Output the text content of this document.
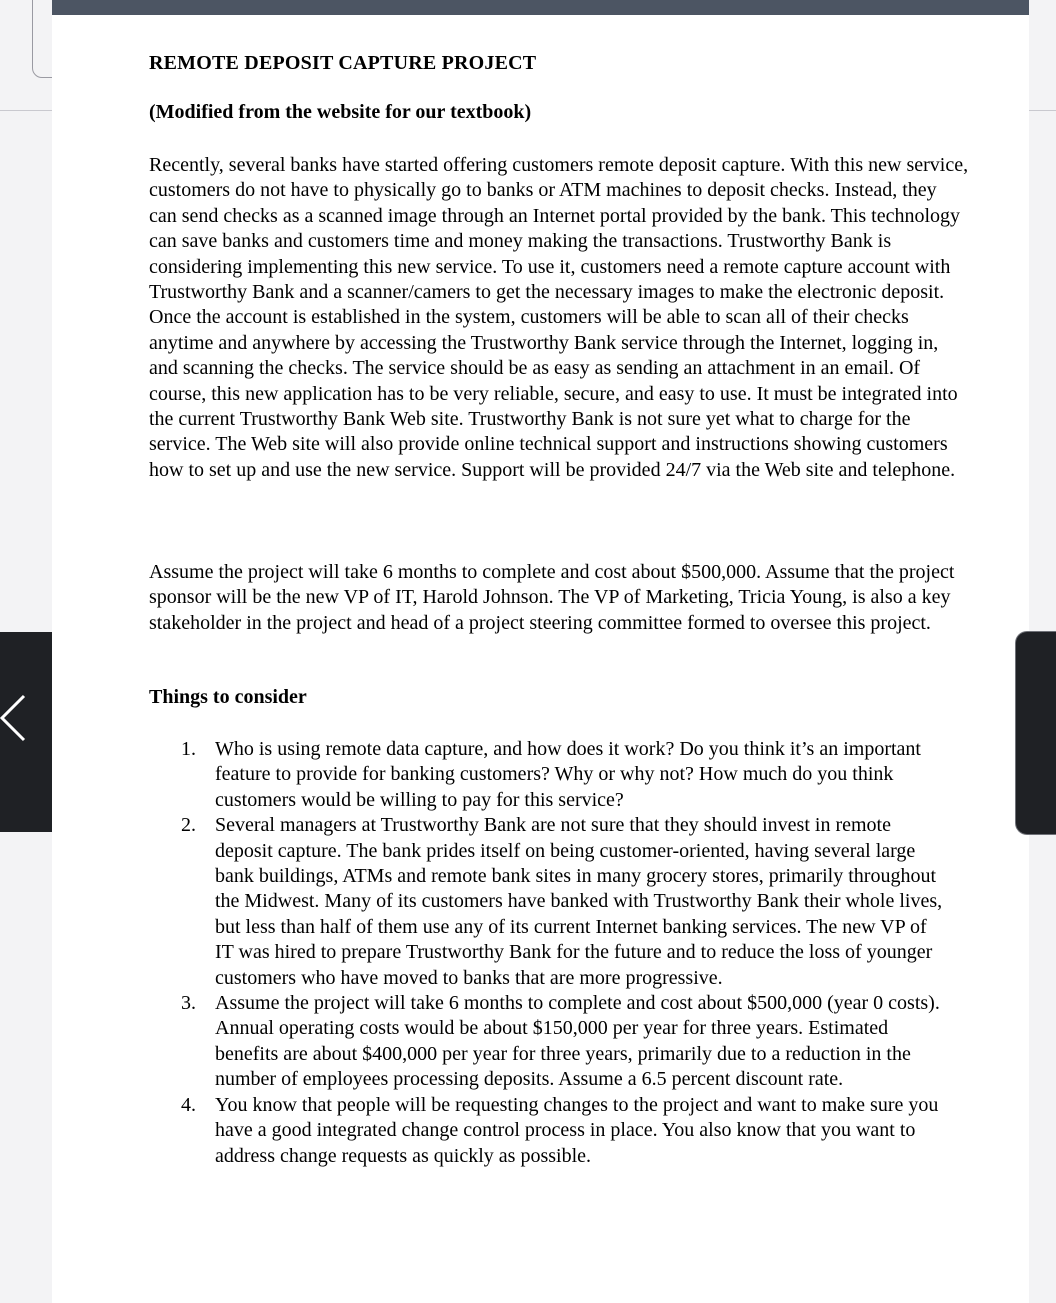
REMOTE DEPOSIT CAPTURE PROJECT
(Modified from the website for our textbook)

Recently, several banks have started offering customers remote deposit capture. With this new service, customers do not have to physically go to banks or ATM machines to deposit checks. Instead, they can send checks as a scanned image through an Internet portal provided by the bank. This technology can save banks and customers time and money making the transactions. Trustworthy Bank is considering implementing this new service. To use it, customers need a remote capture account with Trustworthy Bank and a scanner/camers to get the necessary images to make the electronic deposit. Once the account is established in the system, customers will be able to scan all of their checks anytime and anywhere by accessing the Trustworthy Bank service through the Internet, logging in, and scanning the checks. The service should be as easy as sending an attachment in an email. Of course, this new application has to be very reliable, secure, and easy to use. It must be integrated into the current Trustworthy Bank Web site. Trustworthy Bank is not sure yet what to charge for the service. The Web site will also provide online technical support and instructions showing customers how to set up and use the new service. Support will be provided 24/7 via the Web site and telephone.

Assume the project will take 6 months to complete and cost about $500,000. Assume that the project sponsor will be the new VP of IT, Harold Johnson. The VP of Marketing, Tricia Young, is also a key stakeholder in the project and head of a project steering committee formed to oversee this project.

Things to consider
1. Who is using remote data capture, and how does it work? Do you think it’s an important feature to provide for banking customers? Why or why not? How much do you think customers would be willing to pay for this service?
2. Several managers at Trustworthy Bank are not sure that they should invest in remote deposit capture. The bank prides itself on being customer-oriented, having several large bank buildings, ATMs and remote bank sites in many grocery stores, primarily throughout the Midwest. Many of its customers have banked with Trustworthy Bank their whole lives, but less than half of them use any of its current Internet banking services. The new VP of IT was hired to prepare Trustworthy Bank for the future and to reduce the loss of younger customers who have moved to banks that are more progressive.
3. Assume the project will take 6 months to complete and cost about $500,000 (year 0 costs). Annual operating costs would be about $150,000 per year for three years. Estimated benefits are about $400,000 per year for three years, primarily due to a reduction in the number of employees processing deposits. Assume a 6.5 percent discount rate.
4. You know that people will be requesting changes to the project and want to make sure you have a good integrated change control process in place. You also know that you want to address change requests as quickly as possible.
